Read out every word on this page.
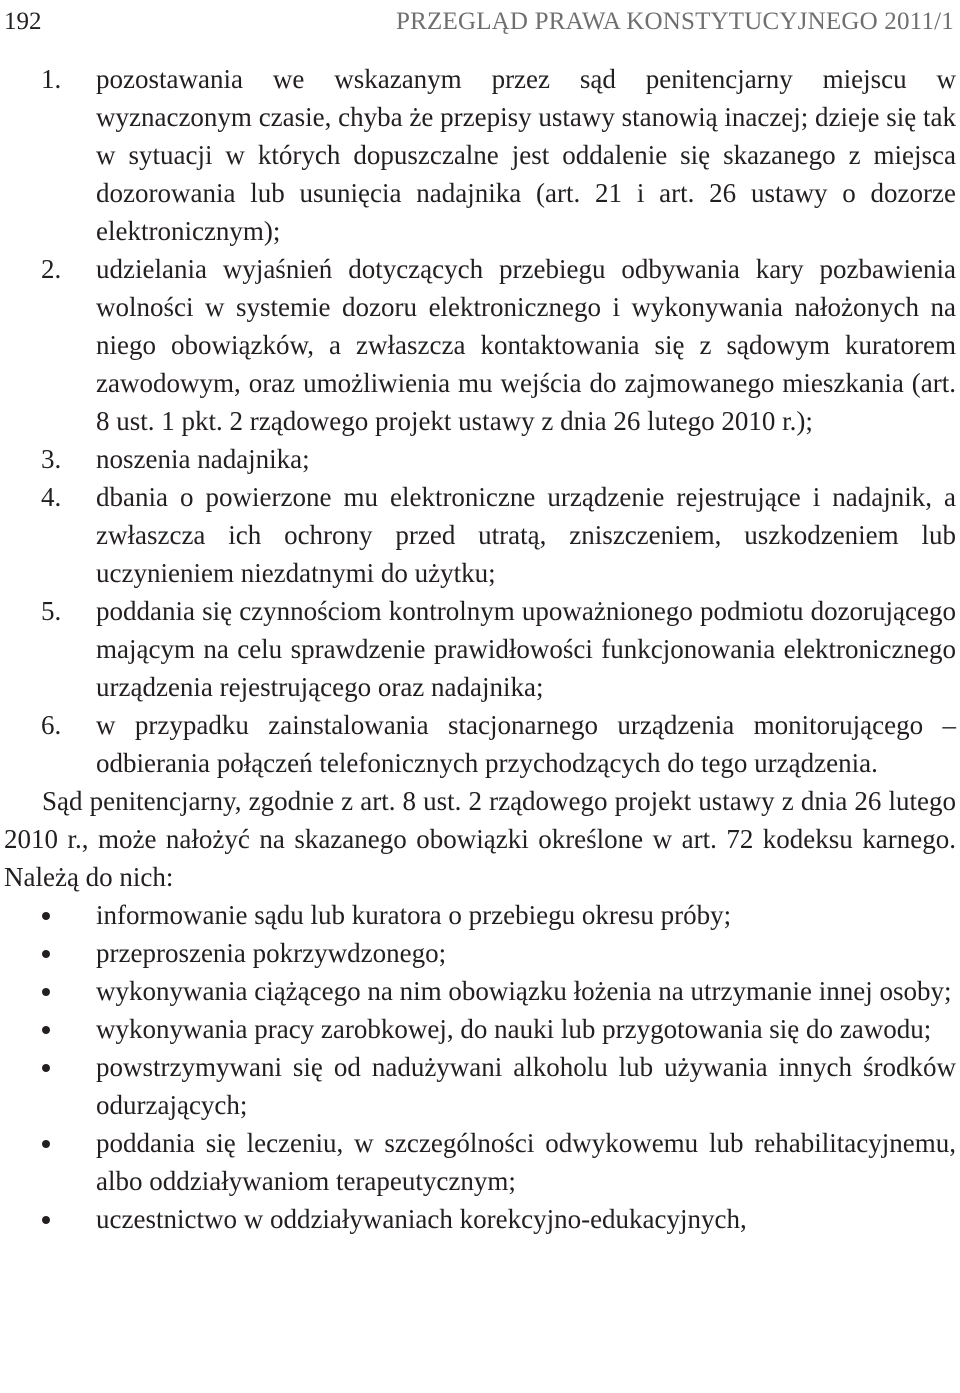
192	PRZEGLĄD PRAWA KONSTYTUCYJNEGO 2011/1
1. pozostawania we wskazanym przez sąd penitencjarny miejscu w wyznaczonym czasie, chyba że przepisy ustawy stanowią inaczej; dzieje się tak w sytuacji w których dopuszczalne jest oddalenie się skazanego z miejsca dozorowania lub usunięcia nadajnika (art. 21 i art. 26 ustawy o dozorze elektronicznym);
2. udzielania wyjaśnień dotyczących przebiegu odbywania kary pozbawienia wolności w systemie dozoru elektronicznego i wykonywania nałożonych na niego obowiązków, a zwłaszcza kontaktowania się z sądowym kuratorem zawodowym, oraz umożliwienia mu wejścia do zajmowanego mieszkania (art. 8 ust. 1 pkt. 2 rządowego projekt ustawy z dnia 26 lutego 2010 r.);
3. noszenia nadajnika;
4. dbania o powierzone mu elektroniczne urządzenie rejestrujące i nadajnik, a zwłaszcza ich ochrony przed utratą, zniszczeniem, uszkodzeniem lub uczynieniem niezdatnymi do użytku;
5. poddania się czynnościom kontrolnym upoważnionego podmiotu dozorującego mającym na celu sprawdzenie prawidłowości funkcjonowania elektronicznego urządzenia rejestrującego oraz nadajnika;
6. w przypadku zainstalowania stacjonarnego urządzenia monitorującego – odbierania połączeń telefonicznych przychodzących do tego urządzenia.

Sąd penitencjarny, zgodnie z art. 8 ust. 2 rządowego projekt ustawy z dnia 26 lutego 2010 r., może nałożyć na skazanego obowiązki określone w art. 72 kodeksu karnego. Należą do nich:

informowanie sądu lub kuratora o przebiegu okresu próby;
przeproszenia pokrzywdzonego;
wykonywania ciążącego na nim obowiązku łożenia na utrzymanie innej osoby;
wykonywania pracy zarobkowej, do nauki lub przygotowania się do zawodu;
powstrzymywani się od nadużywani alkoholu lub używania innych środków odurzających;
poddania się leczeniu, w szczególności odwykowemu lub rehabilitacyjnemu, albo oddziaływaniom terapeutycznym;
uczestnictwo w oddziaływaniach korekcyjno-edukacyjnych,
